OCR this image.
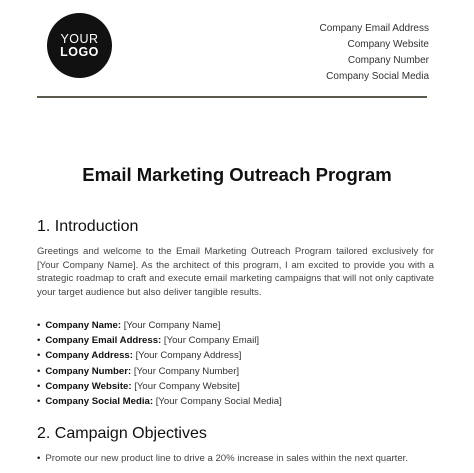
YOUR
LOGO
Company Email Address
Company Website
Company Number
Company Social Media
Email Marketing Outreach Program
1. Introduction

Greetings and welcome to the Email Marketing Outreach Program tailored exclusively for [Your Company Name]. As the architect of this program, I am excited to provide you with a strategic roadmap to craft and execute email marketing campaigns that will not only captivate your target audience but also deliver tangible results.

• Company Name: [Your Company Name]
• Company Email Address: [Your Company Email]
• Company Address: [Your Company Address]
• Company Number: [Your Company Number]
• Company Website: [Your Company Website]
• Company Social Media: [Your Company Social Media]
2. Campaign Objectives
• Promote our new product line to drive a 20% increase in sales within the next quarter.
